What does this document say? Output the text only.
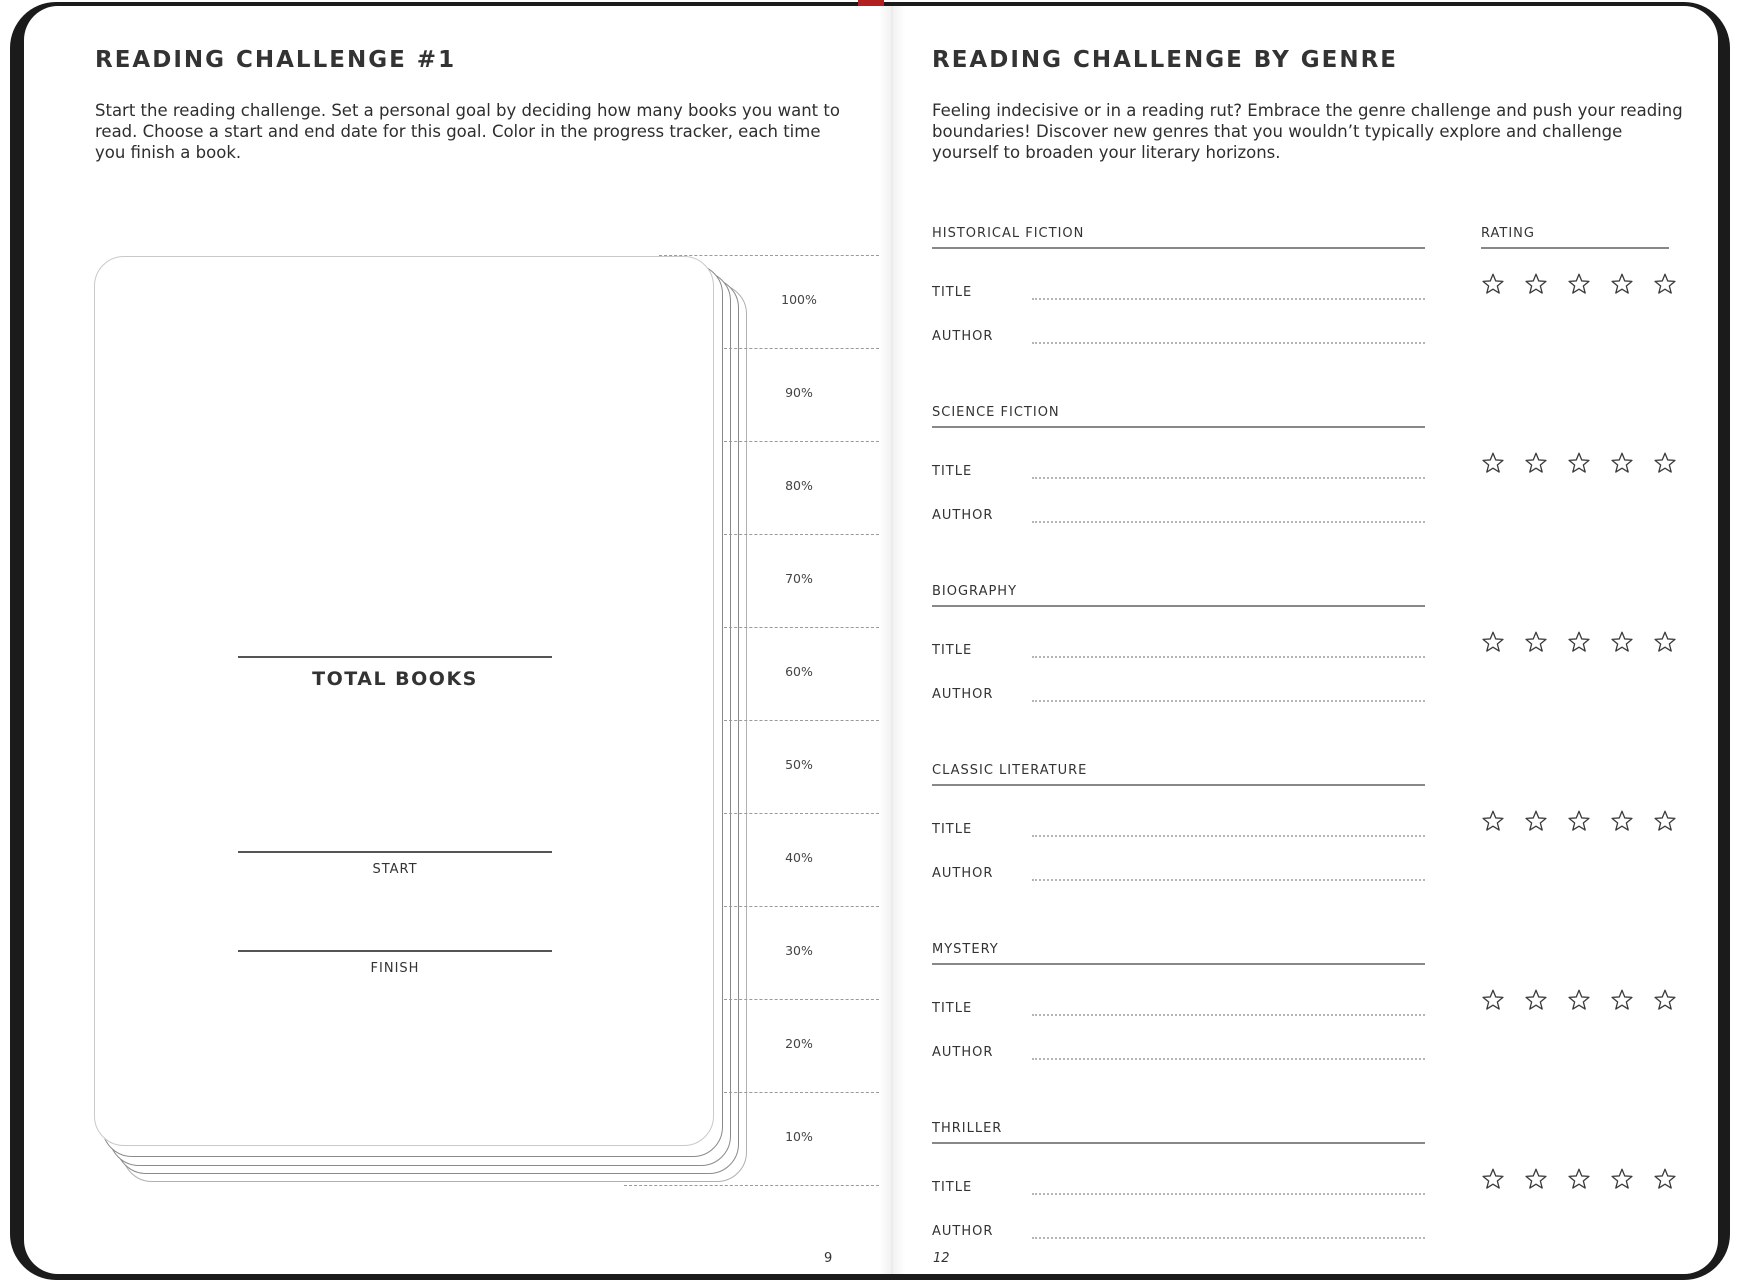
READING CHALLENGE #1
Start the reading challenge. Set a personal goal by deciding how many books you want to read. Choose a start and end date for this goal. Color in the progress tracker, each time you finish a book.
TOTAL BOOKS
START
FINISH
100%
90%
80%
70%
60%
50%
40%
30%
20%
10%
9
READING CHALLENGE BY GENRE
Feeling indecisive or in a reading rut? Embrace the genre challenge and push your reading boundaries! Discover new genres that you wouldn’t typically explore and challenge yourself to broaden your literary horizons.
RATING
HISTORICAL FICTION
TITLE
AUTHOR
SCIENCE FICTION
TITLE
AUTHOR
BIOGRAPHY
TITLE
AUTHOR
CLASSIC LITERATURE
TITLE
AUTHOR
MYSTERY
TITLE
AUTHOR
THRILLER
TITLE
AUTHOR
12
